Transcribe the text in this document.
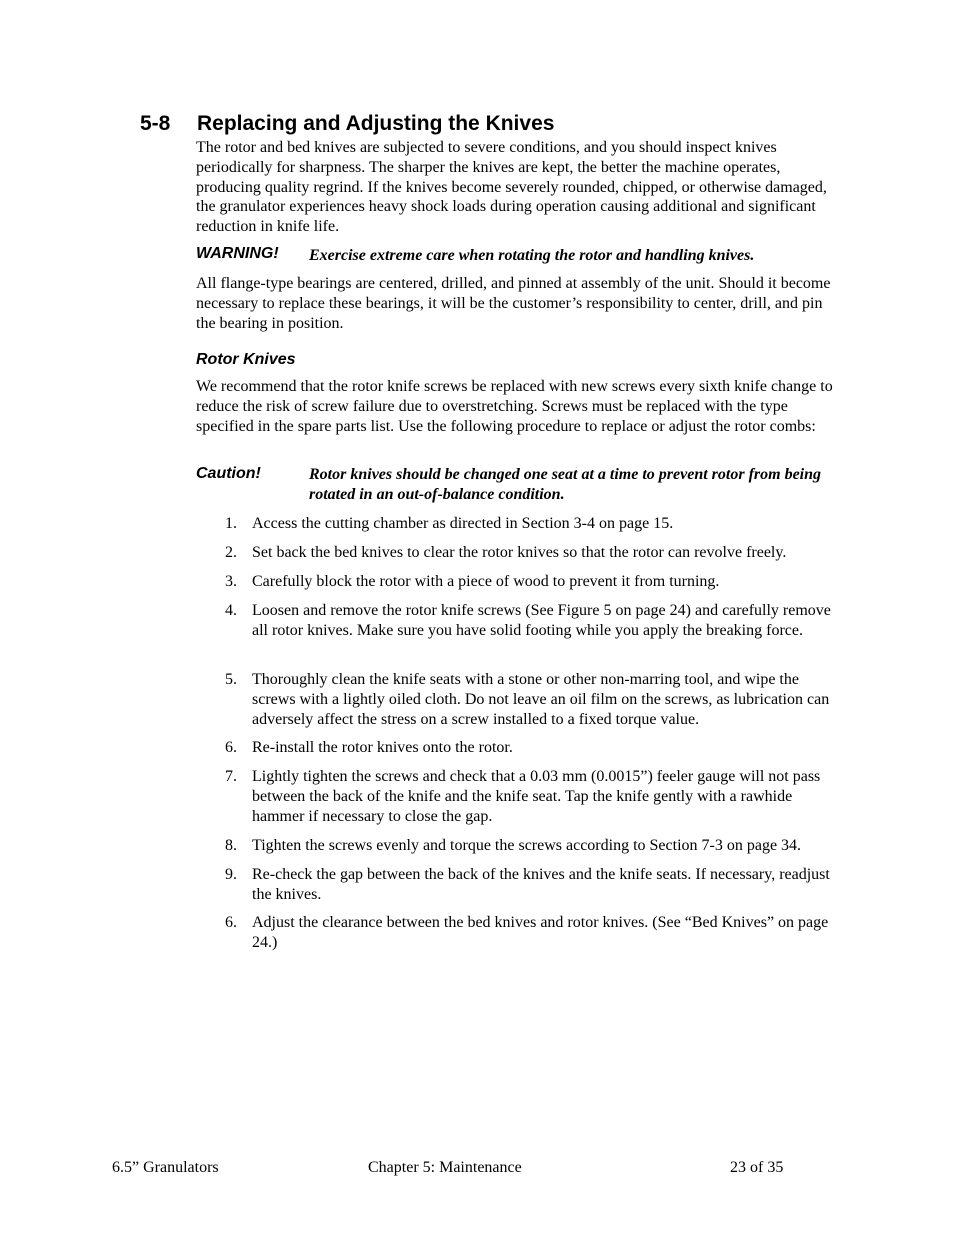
5-8 Replacing and Adjusting the Knives
The rotor and bed knives are subjected to severe conditions, and you should inspect knives periodically for sharpness. The sharper the knives are kept, the better the machine operates, producing quality regrind. If the knives become severely rounded, chipped, or otherwise damaged, the granulator experiences heavy shock loads during operation causing additional and significant reduction in knife life.
WARNING! Exercise extreme care when rotating the rotor and handling knives.
All flange-type bearings are centered, drilled, and pinned at assembly of the unit. Should it become necessary to replace these bearings, it will be the customer’s responsibility to center, drill, and pin the bearing in position.
Rotor Knives
We recommend that the rotor knife screws be replaced with new screws every sixth knife change to reduce the risk of screw failure due to overstretching. Screws must be replaced with the type specified in the spare parts list. Use the following procedure to replace or adjust the rotor combs:
Caution!	Rotor knives should be changed one seat at a time to prevent rotor from being rotated in an out-of-balance condition.
1. Access the cutting chamber as directed in Section 3-4 on page 15.
2. Set back the bed knives to clear the rotor knives so that the rotor can revolve freely.
3. Carefully block the rotor with a piece of wood to prevent it from turning.
4. Loosen and remove the rotor knife screws (See Figure 5 on page 24) and carefully remove all rotor knives. Make sure you have solid footing while you apply the breaking force.
5. Thoroughly clean the knife seats with a stone or other non-marring tool, and wipe the screws with a lightly oiled cloth. Do not leave an oil film on the screws, as lubrication can adversely affect the stress on a screw installed to a fixed torque value.
6. Re-install the rotor knives onto the rotor.
7. Lightly tighten the screws and check that a 0.03 mm (0.0015”) feeler gauge will not pass between the back of the knife and the knife seat. Tap the knife gently with a rawhide hammer if necessary to close the gap.
8. Tighten the screws evenly and torque the screws according to Section 7-3 on page 34.
9. Re-check the gap between the back of the knives and the knife seats. If necessary, readjust the knives.
6. Adjust the clearance between the bed knives and rotor knives. (See “Bed Knives” on page 24.)
6.5” Granulators	Chapter 5: Maintenance	23 of 35
